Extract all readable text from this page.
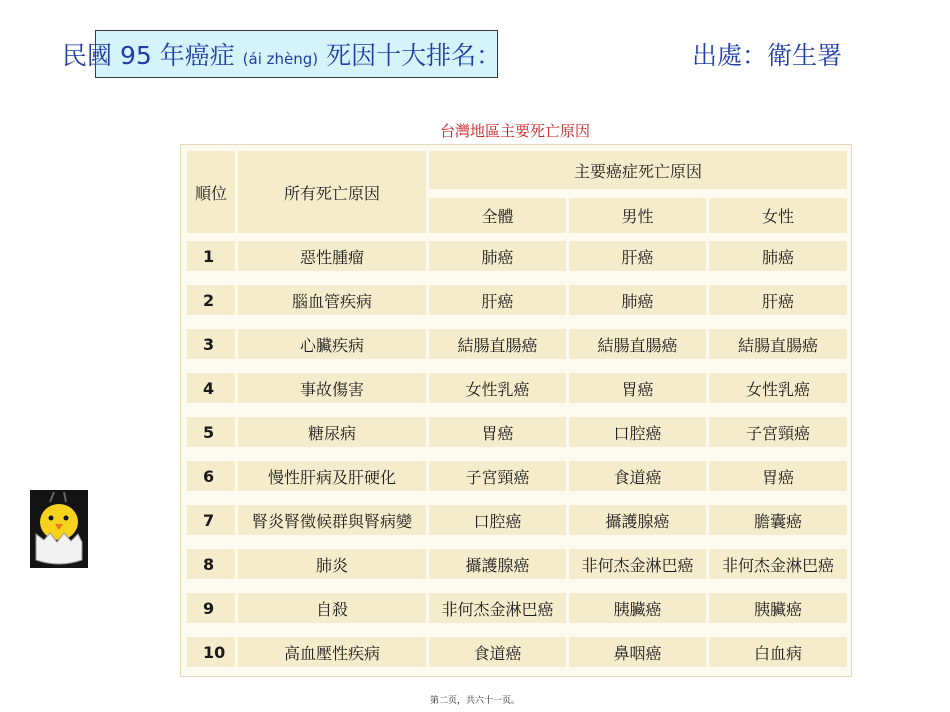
民國 95 年癌症 (ái zhèng) 死因十大排名：	出處：衛生署
台灣地區主要死亡原因
順位	所有死亡原因
主要癌症死亡原因
全體	男性	女性
1	惡性腫瘤	肺癌	肝癌	肺癌
2	腦血管疾病	肝癌	肺癌	肝癌
3	心臟疾病	結腸直腸癌	結腸直腸癌	結腸直腸癌
4	事故傷害	女性乳癌	胃癌	女性乳癌
5	糖尿病	胃癌	口腔癌	子宮頸癌
6	慢性肝病及肝硬化	子宮頸癌	食道癌	胃癌
7	腎炎腎徵候群與腎病變	口腔癌	攝護腺癌	膽囊癌
8	肺炎	攝護腺癌	非何杰金淋巴癌	非何杰金淋巴癌
9	自殺	非何杰金淋巴癌	胰臟癌	胰臟癌
10	高血壓性疾病	食道癌	鼻咽癌	白血病
第二页，共六十一页。
